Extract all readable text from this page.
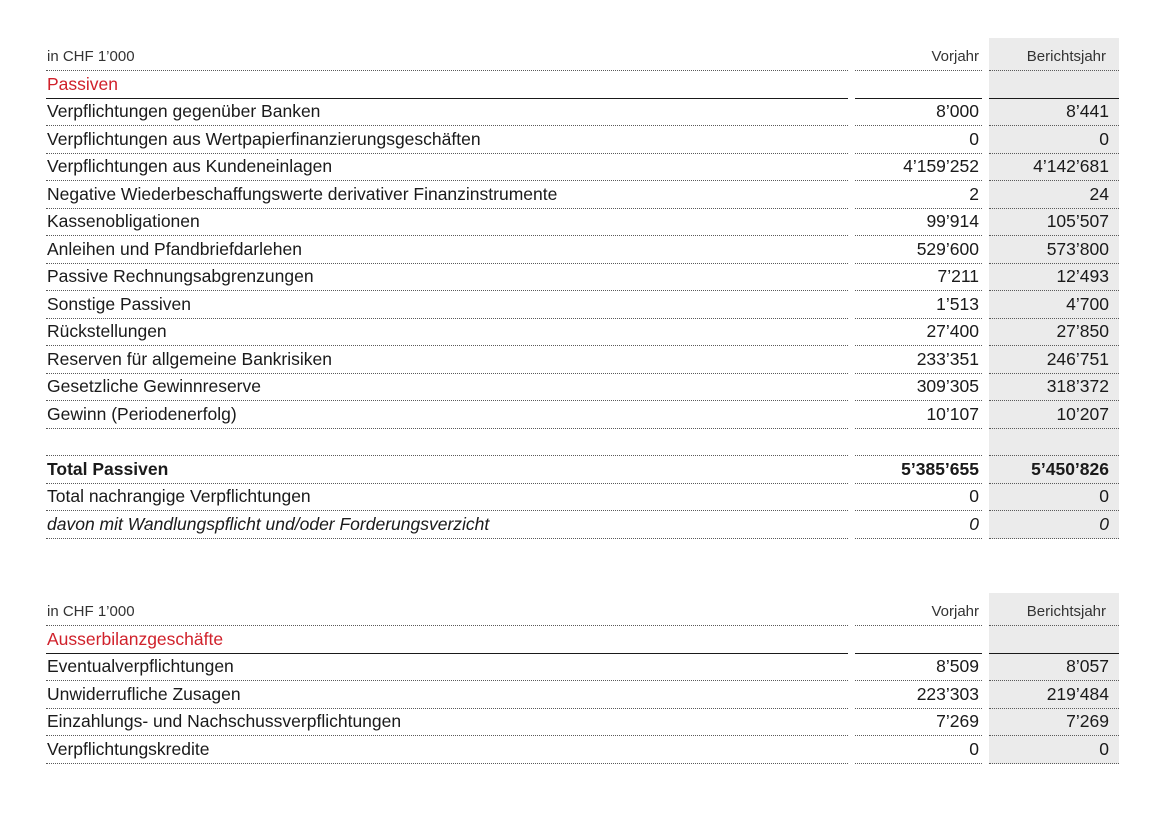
in CHF 1’000	Vorjahr	Berichtsjahr
Passiven
Verpflichtungen gegenüber Banken	8’000	8’441
Verpflichtungen aus Wertpapierfinanzierungsgeschäften	0	0
Verpflichtungen aus Kundeneinlagen	4’159’252	4’142’681
Negative Wiederbeschaffungswerte derivativer Finanzinstrumente	2	24
Kassenobligationen	99’914	105’507
Anleihen und Pfandbriefdarlehen	529’600	573’800
Passive Rechnungsabgrenzungen	7’211	12’493
Sonstige Passiven	1’513	4’700
Rückstellungen	27’400	27’850
Reserven für allgemeine Bankrisiken	233’351	246’751
Gesetzliche Gewinnreserve	309’305	318’372
Gewinn (Periodenerfolg)	10’107	10’207
Total Passiven	5’385’655	5’450’826
Total nachrangige Verpflichtungen	0	0
davon mit Wandlungspflicht und/oder Forderungsverzicht	0	0
in CHF 1’000	Vorjahr	Berichtsjahr
Ausserbilanzgeschäfte
Eventualverpflichtungen	8’509	8’057
Unwiderrufliche Zusagen	223’303	219’484
Einzahlungs- und Nachschussverpflichtungen	7’269	7’269
Verpflichtungskredite	0	0
